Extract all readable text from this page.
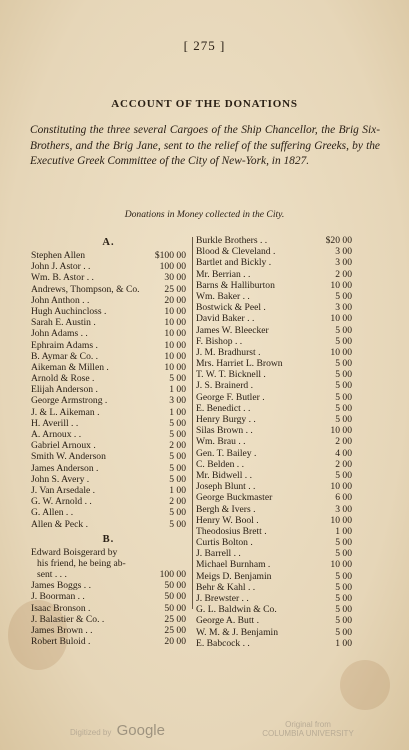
[ 275 ]
ACCOUNT OF THE DONATIONS
Constituting the three several Cargoes of the Ship Chancellor, the Brig Six-Brothers, and the Brig Jane, sent to the relief of the suffering Greeks, by the Executive Greek Committee of the City of New-York, in 1827.
Donations in Money collected in the City.
A.
Stephen Allen	$100 00
John J. Astor . .	100 00
Wm. B. Astor . .	30 00
Andrews, Thompson, & Co.	25 00
John Anthon . .	20 00
Hugh Auchincloss .	10 00
Sarah E. Austin .	10 00
John Adams . .	10 00
Ephraim Adams .	10 00
B. Aymar & Co. .	10 00
Aikeman & Millen .	10 00
Arnold & Rose .	5 00
Elijah Anderson .	1 00
George Armstrong .	3 00
J. & L. Aikeman .	1 00
H. Averill . .	5 00
A. Arnoux . .	5 00
Gabriel Arnoux .	2 00
Smith W. Anderson	5 00
James Anderson .	5 00
John S. Avery .	5 00
J. Van Arsedale .	1 00
G. W. Arnold . .	2 00
G. Allen . .	5 00
Allen & Peck .	5 00
B.
Edward Boisgerard by
his friend, he being ab-
sent . . .	100 00
James Boggs . .	50 00
J. Boorman . .	50 00
Isaac Bronson .	50 00
J. Balastier & Co. .	25 00
James Brown . .	25 00
Robert Buloid .	20 00
Burkle Brothers . .	$20 00
Blood & Cleveland .	3 00
Bartlet and Bickly .	3 00
Mr. Berrian . .	2 00
Barns & Halliburton	10 00
Wm. Baker . .	5 00
Bostwick & Peel .	3 00
David Baker . .	10 00
James W. Bleecker	5 00
F. Bishop . .	5 00
J. M. Bradhurst .	10 00
Mrs. Harriet L. Brown	5 00
T. W. T. Bicknell .	5 00
J. S. Brainerd .	5 00
George F. Butler .	5 00
E. Benedict . .	5 00
Henry Burgy . .	5 00
Silas Brown . .	10 00
Wm. Brau . .	2 00
Gen. T. Bailey .	4 00
C. Belden . .	2 00
Mr. Bidwell . .	5 00
Joseph Blunt . .	10 00
George Buckmaster	6 00
Bergh & Ivers .	3 00
Henry W. Bool .	10 00
Theodosius Brett .	1 00
Curtis Bolton .	5 00
J. Barrell . .	5 00
Michael Burnham .	10 00
Meigs D. Benjamin	5 00
Behr & Kahl . .	5 00
J. Brewster . .	5 00
G. L. Baldwin & Co.	5 00
George A. Butt .	5 00
W. M. & J. Benjamin	5 00
E. Babcock . .	1 00
Digitized by Google	Original from
COLUMBIA UNIVERSITY
